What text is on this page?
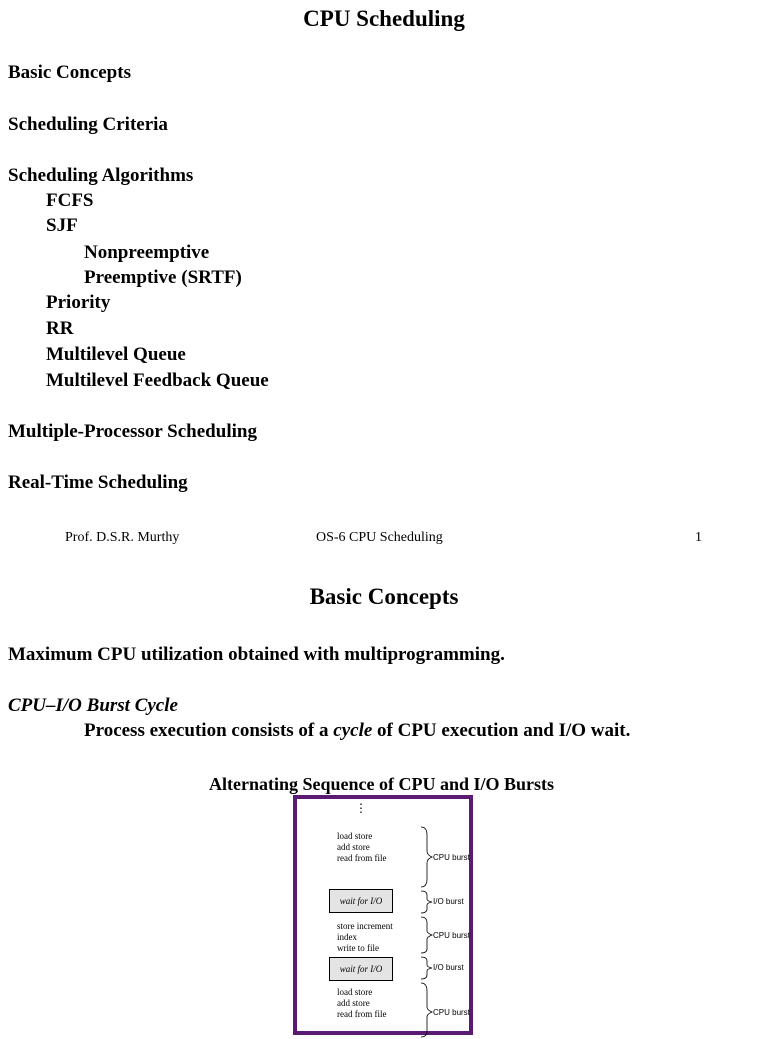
CPU Scheduling
Basic Concepts
Scheduling Criteria
Scheduling Algorithms
FCFS
SJF
Nonpreemptive
Preemptive (SRTF)
Priority
RR
Multilevel Queue
Multilevel Feedback Queue
Multiple-Processor Scheduling
Real-Time Scheduling
Prof. D.S.R. Murthy	OS-6 CPU Scheduling	1
Basic Concepts
Maximum CPU utilization obtained with multiprogramming.
CPU–I/O Burst Cycle
Process execution consists of a cycle of CPU execution and I/O wait.
Alternating Sequence of CPU and I/O Bursts
⋮
load store
add store
read from file
wait for I/O
store increment
index
write to file
wait for I/O
load store
add store
read from file
CPU burst
I/O burst
CPU burst
I/O burst
CPU burst
